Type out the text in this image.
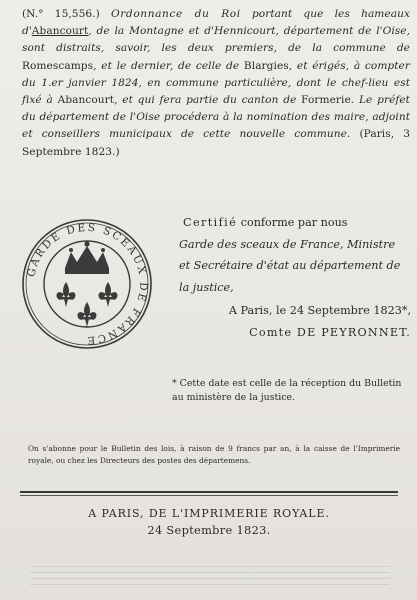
(N.° 15,556.) Ordonnance du Roi portant que les hameaux d'Abancourt, de la Montagne et d'Hennicourt, département de l'Oise, sont distraits, savoir, les deux premiers, de la commune de Romescamps, et le dernier, de celle de Blargies, et érigés, à compter du 1.er janvier 1824, en commune particulière, dont le chef-lieu est fixé à Abancourt, et qui fera partie du canton de Formerie. Le préfet du département de l'Oise procédera à la nomination des maire, adjoint et conseillers municipaux de cette nouvelle commune. (Paris, 3 Septembre 1823.)
GARDE DES SCEAUX DE FRANCE
Certifié conforme par nous
Garde des sceaux de France, Ministre
et Secrétaire d'état au département de
la justice,
A Paris, le 24 Septembre 1823*,
Comte DE PEYRONNET.
* Cette date est celle de la réception du Bulletin au ministère de la justice.
On s'abonne pour le Bulletin des lois, à raison de 9 francs par an, à la caisse de l'Imprimerie royale, ou chez les Directeurs des postes des départemens.
A PARIS, DE L'IMPRIMERIE ROYALE.
24 Septembre 1823.
